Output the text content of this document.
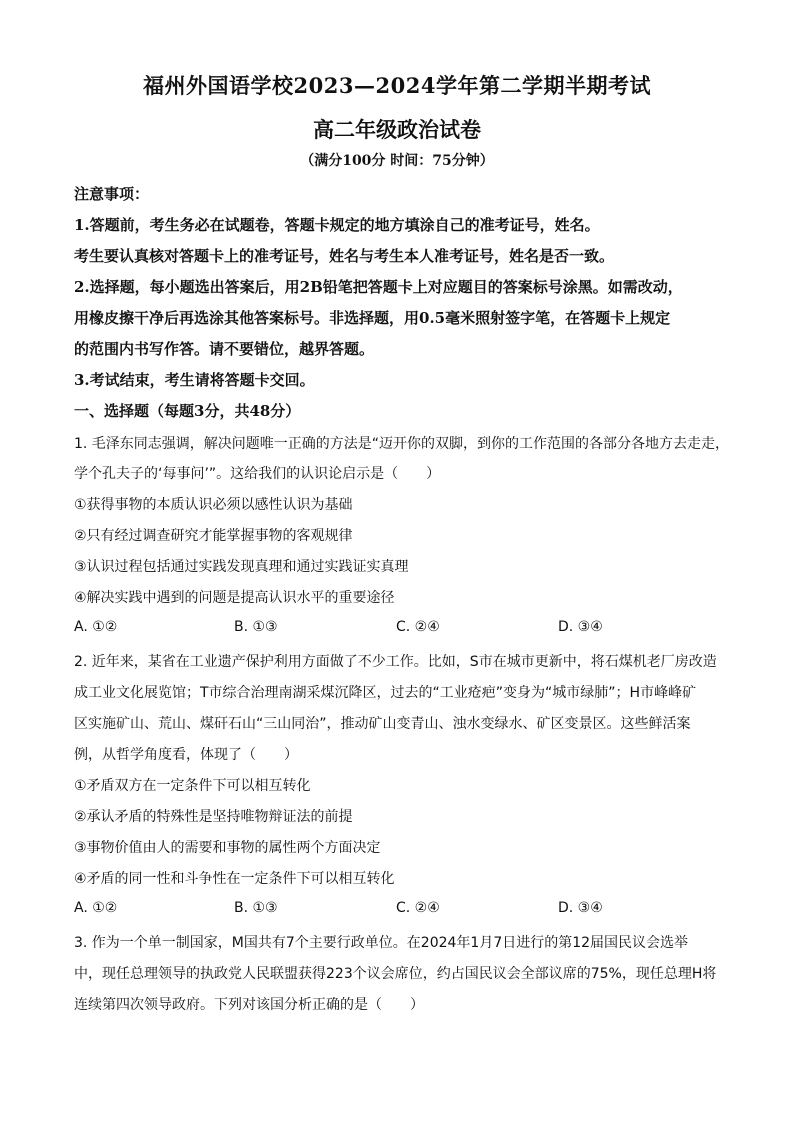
福州外国语学校2023—2024学年第二学期半期考试
高二年级政治试卷
（满分100分 时间：75分钟）
注意事项：
1.答题前，考生务必在试题卷，答题卡规定的地方填涂自己的准考证号，姓名。
考生要认真核对答题卡上的准考证号，姓名与考生本人准考证号，姓名是否一致。
2.选择题，每小题选出答案后，用2B铅笔把答题卡上对应题目的答案标号涂黑。如需改动，
用橡皮擦干净后再选涂其他答案标号。非选择题，用0.5毫米照射签字笔，在答题卡上规定
的范围内书写作答。请不要错位，越界答题。
3.考试结束，考生请将答题卡交回。
一、选择题（每题3分，共48分）
1. 毛泽东同志强调，解决问题唯一正确的方法是“迈开你的双脚，到你的工作范围的各部分各地方去走走，
学个孔夫子的‘每事问’”。这给我们的认识论启示是（　　）
①获得事物的本质认识必须以感性认识为基础
②只有经过调查研究才能掌握事物的客观规律
③认识过程包括通过实践发现真理和通过实践证实真理
④解决实践中遇到的问题是提高认识水平的重要途径
A. ①②	B. ①③	C. ②④	D. ③④
2. 近年来，某省在工业遗产保护利用方面做了不少工作。比如，S市在城市更新中，将石煤机老厂房改造
成工业文化展览馆；T市综合治理南湖采煤沉降区，过去的“工业疮疤”变身为“城市绿肺”；H市峰峰矿
区实施矿山、荒山、煤矸石山“三山同治”，推动矿山变青山、浊水变绿水、矿区变景区。这些鲜活案
例，从哲学角度看，体现了（　　）
①矛盾双方在一定条件下可以相互转化
②承认矛盾的特殊性是坚持唯物辩证法的前提
③事物价值由人的需要和事物的属性两个方面决定
④矛盾的同一性和斗争性在一定条件下可以相互转化
A. ①②	B. ①③	C. ②④	D. ③④
3. 作为一个单一制国家，M国共有7个主要行政单位。在2024年1月7日进行的第12届国民议会选举
中，现任总理领导的执政党人民联盟获得223个议会席位，约占国民议会全部议席的75%，现任总理H将
连续第四次领导政府。下列对该国分析正确的是（　　）
